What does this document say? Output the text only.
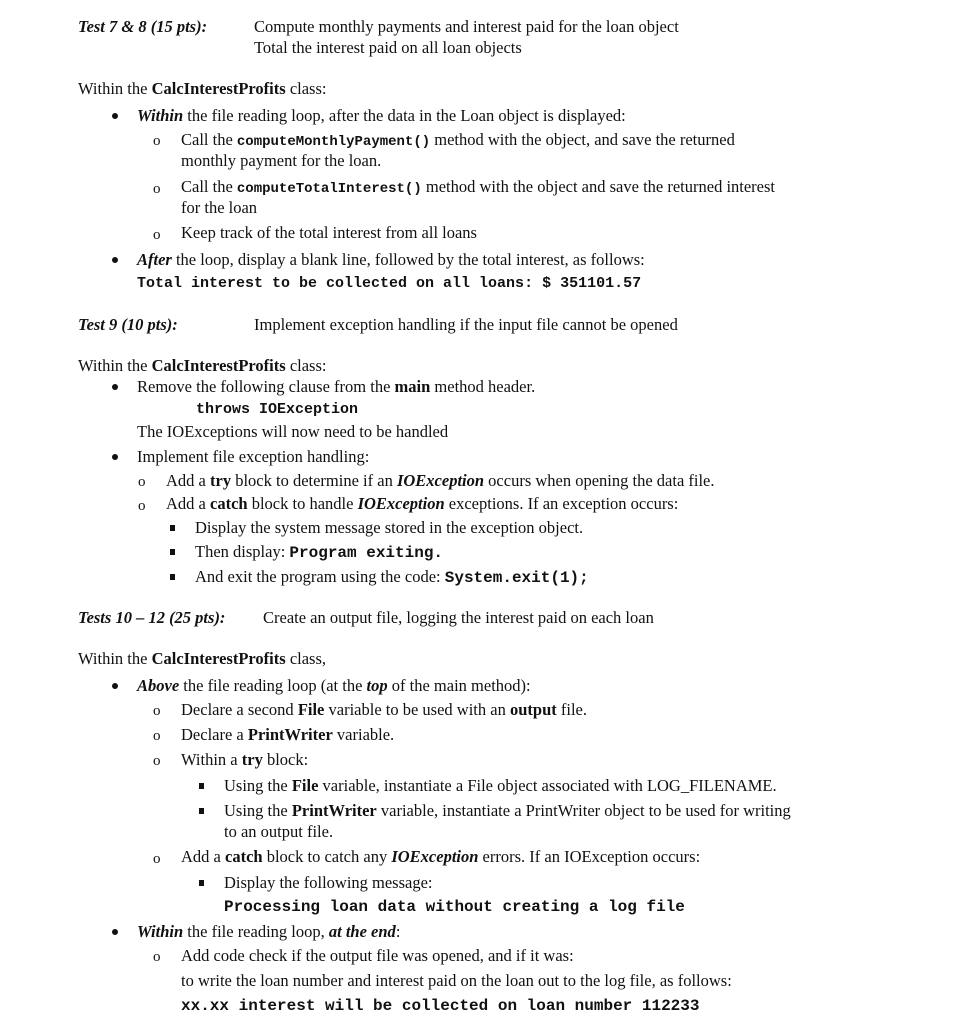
Test 7 & 8 (15 pts):	Compute monthly payments and interest paid for the loan object
Total the interest paid on all loan objects
Within the CalcInterestProfits class:
Within the file reading loop, after the data in the Loan object is displayed:
o Call the computeMonthlyPayment() method with the object, and save the returned
monthly payment for the loan.
o Call the computeTotalInterest() method with the object and save the returned interest
for the loan
o Keep track of the total interest from all loans
After the loop, display a blank line, followed by the total interest, as follows:
Total interest to be collected on all loans: $ 351101.57
Test 9 (10 pts):	Implement exception handling if the input file cannot be opened
Within the CalcInterestProfits class:
Remove the following clause from the main method header.
throws IOException
The IOExceptions will now need to be handled
Implement file exception handling:
o Add a try block to determine if an IOException occurs when opening the data file.
o Add a catch block to handle IOException exceptions. If an exception occurs:
Display the system message stored in the exception object.
Then display: Program exiting.
And exit the program using the code: System.exit(1);
Tests 10 – 12 (25 pts): Create an output file, logging the interest paid on each loan
Within the CalcInterestProfits class,
Above the file reading loop (at the top of the main method):
o Declare a second File variable to be used with an output file.
o Declare a PrintWriter variable.
o Within a try block:
Using the File variable, instantiate a File object associated with LOG_FILENAME.
Using the PrintWriter variable, instantiate a PrintWriter object to be used for writing
to an output file.
o Add a catch block to catch any IOException errors. If an IOException occurs:
Display the following message:
Processing loan data without creating a log file
Within the file reading loop, at the end:
o Add code check if the output file was opened, and if it was:
to write the loan number and interest paid on the loan out to the log file, as follows:
xx.xx interest will be collected on loan number 112233
